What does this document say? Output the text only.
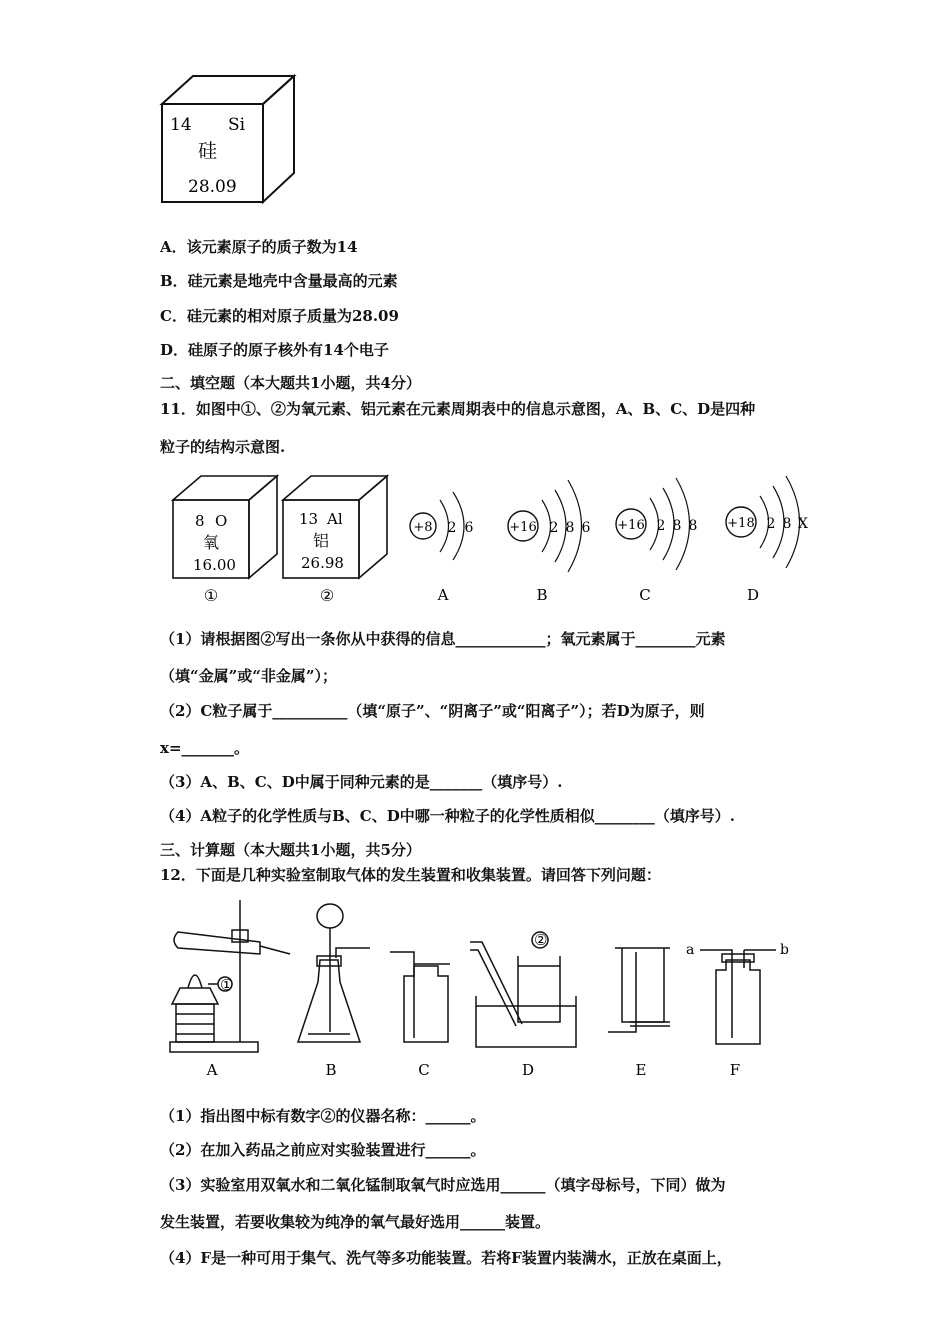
14 Si
硅
28.09
A．该元素原子的质子数为14
B．硅元素是地壳中含量最高的元素
C．硅元素的相对原子质量为28.09
D．硅原子的原子核外有14个电子
二、填空题（本大题共1小题，共4分）
11．如图中①、②为氧元素、铝元素在元素周期表中的信息示意图，A、B、C、D是四种
粒子的结构示意图.
8 O
氧
16.00
①
13 Al
铝
26.98
②
+8 2 6
A
+16 2 8 6
B
+16 2 8 8
C
+18 2 8 X
D
（1）请根据图②写出一条你从中获得的信息____________；氧元素属于________元素
（填“金属”或“非金属”）；
（2）C粒子属于__________（填“原子”、“阴离子”或“阳离子”）；若D为原子，则
x=_______。
（3）A、B、C、D中属于同种元素的是_______（填序号）.
（4）A粒子的化学性质与B、C、D中哪一种粒子的化学性质相似________（填序号）.
三、计算题（本大题共1小题，共5分）
12．下面是几种实验室制取气体的发生装置和收集装置。请回答下列问题：
①
②
a	b
A	B	C	D	E	F
（1）指出图中标有数字②的仪器名称：______。
（2）在加入药品之前应对实验装置进行______。
（3）实验室用双氧水和二氧化锰制取氧气时应选用______（填字母标号，下同）做为
发生装置，若要收集较为纯净的氧气最好选用______装置。
（4）F是一种可用于集气、洗气等多功能装置。若将F装置内装满水，正放在桌面上，
